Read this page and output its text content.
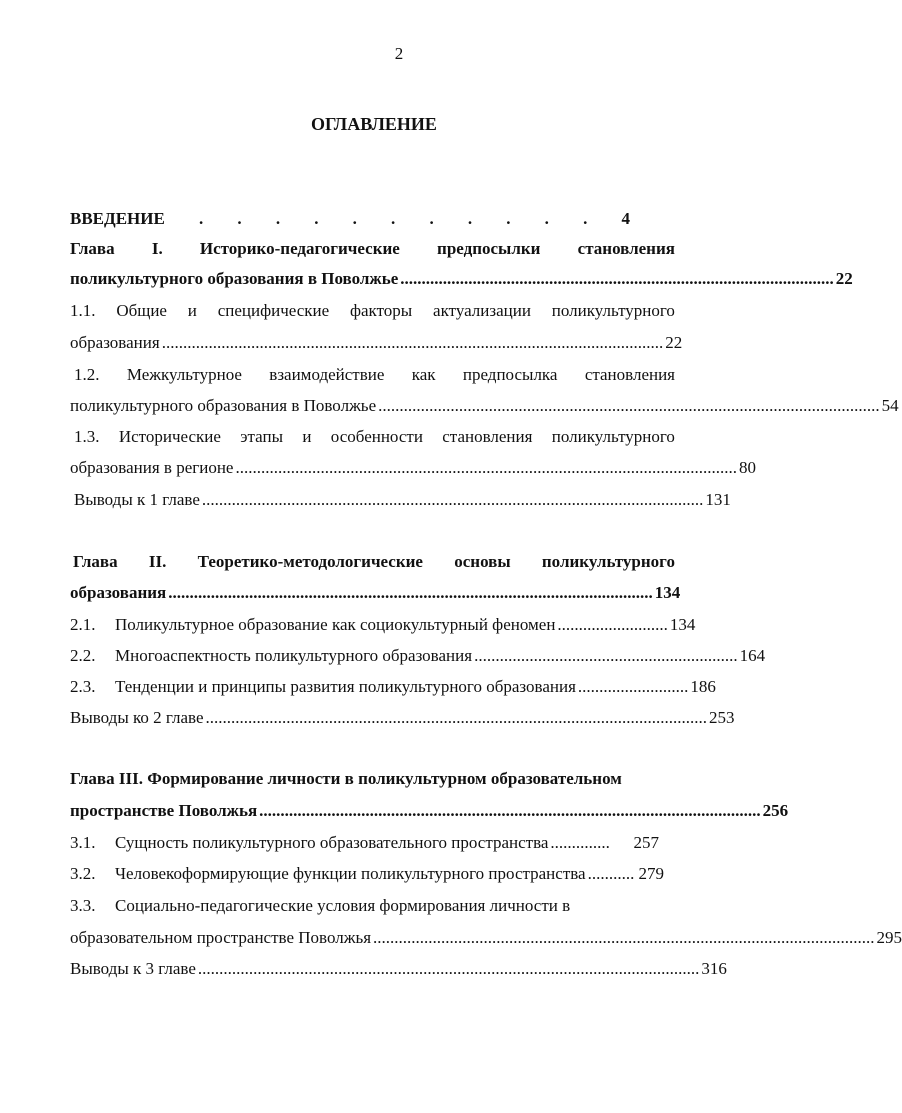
2
ОГЛАВЛЕНИЕ
ВВЕДЕНИЕ . . . . . . . . . . . 4
Глава I. Историко-педагогические предпосылки становления
поликультурного образования в Поволжье ...................................................................................................... 22
1.1. Общие и специфические факторы актуализации поликультурного
образования ...................................................................................................................... 22
1.2. Межкультурное взаимодействие как предпосылка становления
поликультурного образования в Поволжье ...................................................................................................................... 54
1.3. Исторические этапы и особенности становления поликультурного
образования в регионе ...................................................................................................................... 80
Выводы к 1 главе ...................................................................................................................... 131
Глава II. Теоретико-методологические основы поликультурного
образования .................................................................................................................. 134
2.1.	Поликультурное образование как социокультурный феномен .......................... 134
2.2.	Многоаспектность поликультурного образования .............................................................. 164
2.3.	Тенденции и принципы развития поликультурного образования .......................... 186
Выводы ко 2 главе ...................................................................................................................... 253
Глава III. Формирование личности в поликультурном образовательном
пространстве Поволжья ...................................................................................................................... 256
3.1.	Сущность поликультурного образовательного пространства ..............	257
3.2.	Человекоформирующие функции поликультурного пространства ........... 279
3.3. Социально-педагогические условия формирования личности в
образовательном пространстве Поволжья ...................................................................................................................... 295
Выводы к 3 главе ...................................................................................................................... 316
